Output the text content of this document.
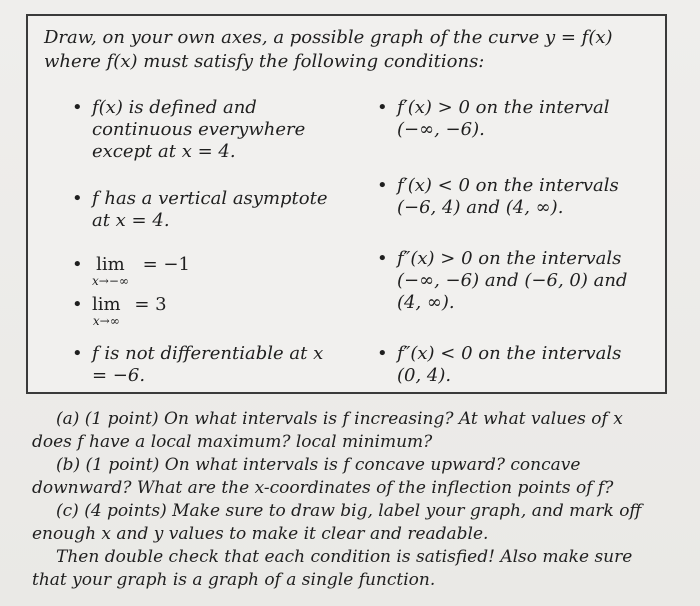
Draw, on your own axes, a possible graph of the curve y = f(x) where f(x) must satisfy the following conditions:
• f(x) is defined and continuous everywhere except at x = 4.
• f has a vertical asymptote at x = 4.
• lim
x→−∞
= −1
• lim
x→∞
= 3
• f is not differentiable at x = −6.
• f′(x) > 0 on the interval (−∞, −6).
• f′(x) < 0 on the intervals (−6, 4) and (4, ∞).
• f″(x) > 0 on the intervals (−∞, −6) and (−6, 0) and (4, ∞).
• f″(x) < 0 on the intervals (0, 4).

(a) (1 point) On what intervals is f increasing? At what values of x does f have a local maximum? local minimum?

(b) (1 point) On what intervals is f concave upward? concave downward? What are the x-coordinates of the inflection points of f?

(c) (4 points) Make sure to draw big, label your graph, and mark off enough x and y values to make it clear and readable.

Then double check that each condition is satisfied! Also make sure that your graph is a graph of a single function.
